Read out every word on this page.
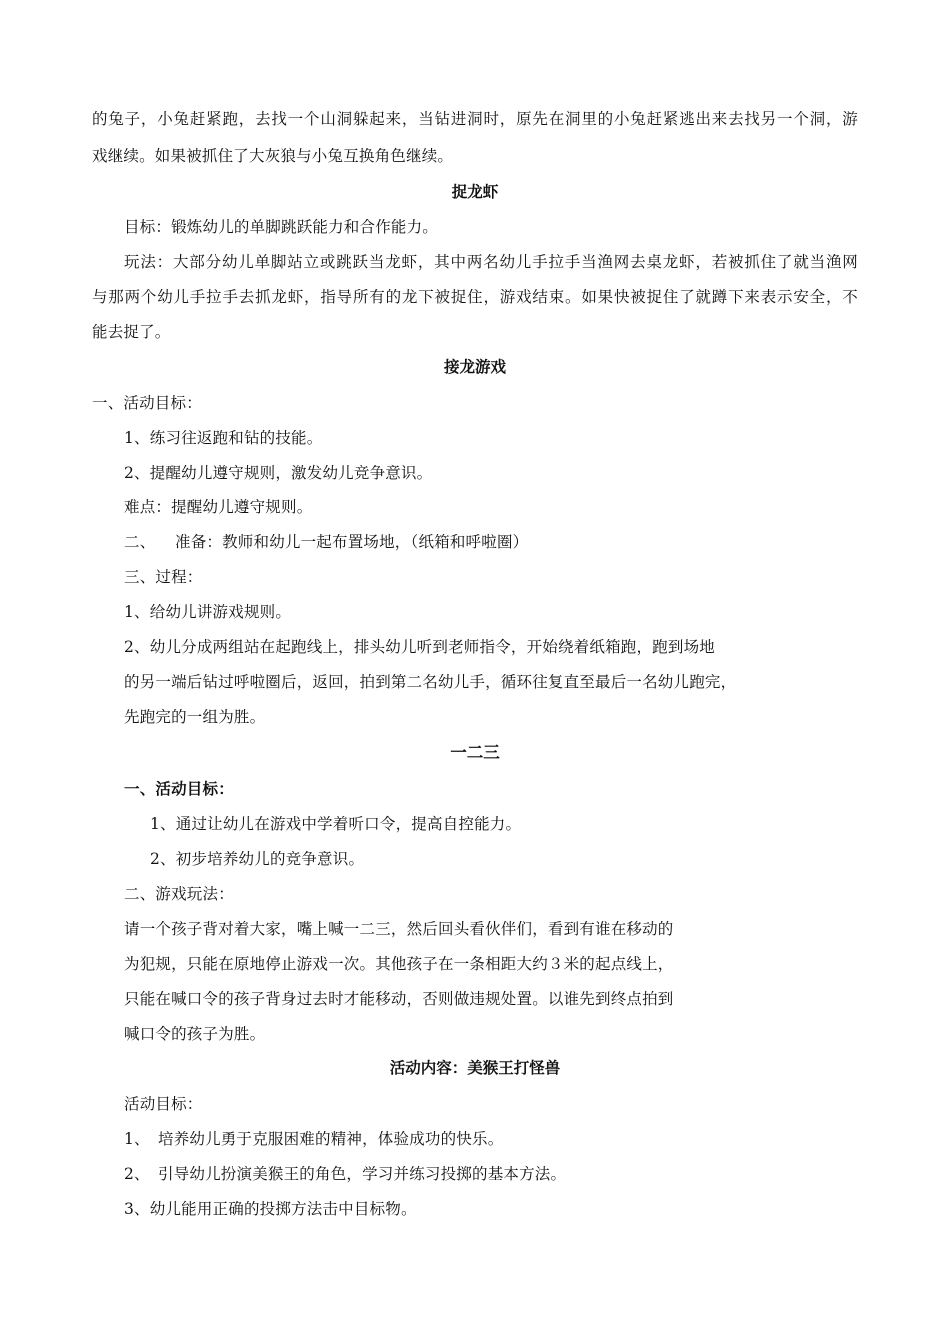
的兔子，小兔赶紧跑，去找一个山洞躲起来，当钻进洞时，原先在洞里的小兔赶紧逃出来去找另一个洞，游
戏继续。如果被抓住了大灰狼与小兔互换角色继续。
捉龙虾
目标：锻炼幼儿的单脚跳跃能力和合作能力。
玩法：大部分幼儿单脚站立或跳跃当龙虾，其中两名幼儿手拉手当渔网去桌龙虾，若被抓住了就当渔网
与那两个幼儿手拉手去抓龙虾，指导所有的龙下被捉住，游戏结束。如果快被捉住了就蹲下来表示安全，不
能去捉了。
接龙游戏
一、活动目标：
1、练习往返跑和钻的技能。
2、提醒幼儿遵守规则，激发幼儿竞争意识。
难点：提醒幼儿遵守规则。
二、 准备：教师和幼儿一起布置场地，（纸箱和呼啦圈）
三、过程：
1、给幼儿讲游戏规则。
2、幼儿分成两组站在起跑线上，排头幼儿听到老师指令，开始绕着纸箱跑，跑到场地
的另一端后钻过呼啦圈后，返回，拍到第二名幼儿手，循环往复直至最后一名幼儿跑完，
先跑完的一组为胜。
一二三
一、活动目标：
1、通过让幼儿在游戏中学着听口令，提高自控能力。
2、初步培养幼儿的竞争意识。
二、游戏玩法：
请一个孩子背对着大家，嘴上喊一二三，然后回头看伙伴们，看到有谁在移动的
为犯规，只能在原地停止游戏一次。其他孩子在一条相距大约３米的起点线上，
只能在喊口令的孩子背身过去时才能移动，否则做违规处置。以谁先到终点拍到
喊口令的孩子为胜。
活动内容：美猴王打怪兽
活动目标：
1、 培养幼儿勇于克服困难的精神，体验成功的快乐。
2、 引导幼儿扮演美猴王的角色，学习并练习投掷的基本方法。
3、幼儿能用正确的投掷方法击中目标物。
